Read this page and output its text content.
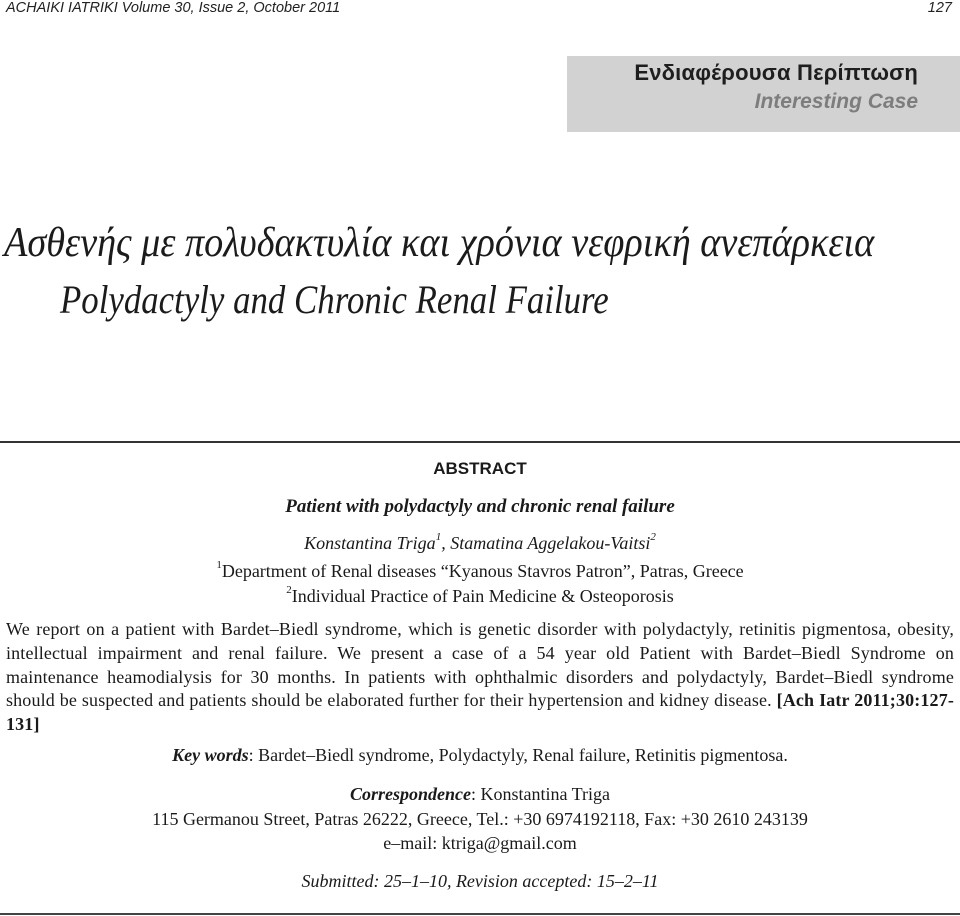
ACHAIKI IATRIKI Volume 30, Issue 2, October 2011	127
Ενδιαφέρουσα Περίπτωση
Interesting Case
Ασθενής με πολυδακτυλία και χρόνια νεφρική ανεπάρκεια
Polydactyly and Chronic Renal Failure
ABSTRACT
Patient with polydactyly and chronic renal failure
Konstantina Triga$^1$, Stamatina Aggelakou-Vaitsi$^2$
$^1$Department of Renal diseases “Kyanous Stavros Patron”, Patras, Greece
$^2$Individual Practice of Pain Medicine & Osteoporosis
We report on a patient with Bardet–Biedl syndrome, which is genetic disorder with polydactyly, retinitis pigmentosa, obesity, intellectual impairment and renal failure. We present a case of a 54 year old Patient with Bardet–Biedl Syndrome on maintenance heamodialysis for 30 months. In patients with ophthalmic disorders and polydactyly, Bardet–Biedl syndrome should be suspected and patients should be elaborated further for their hypertension and kidney disease. [Ach Iatr 2011;30:127-131]
Key words: Bardet–Biedl syndrome, Polydactyly, Renal failure, Retinitis pigmentosa.
Correspondence: Konstantina Triga
115 Germanou Street, Patras 26222, Greece, Tel.: +30 6974192118, Fax: +30 2610 243139
e–mail: ktriga@gmail.com
Submitted: 25–1–10, Revision accepted: 15–2–11
